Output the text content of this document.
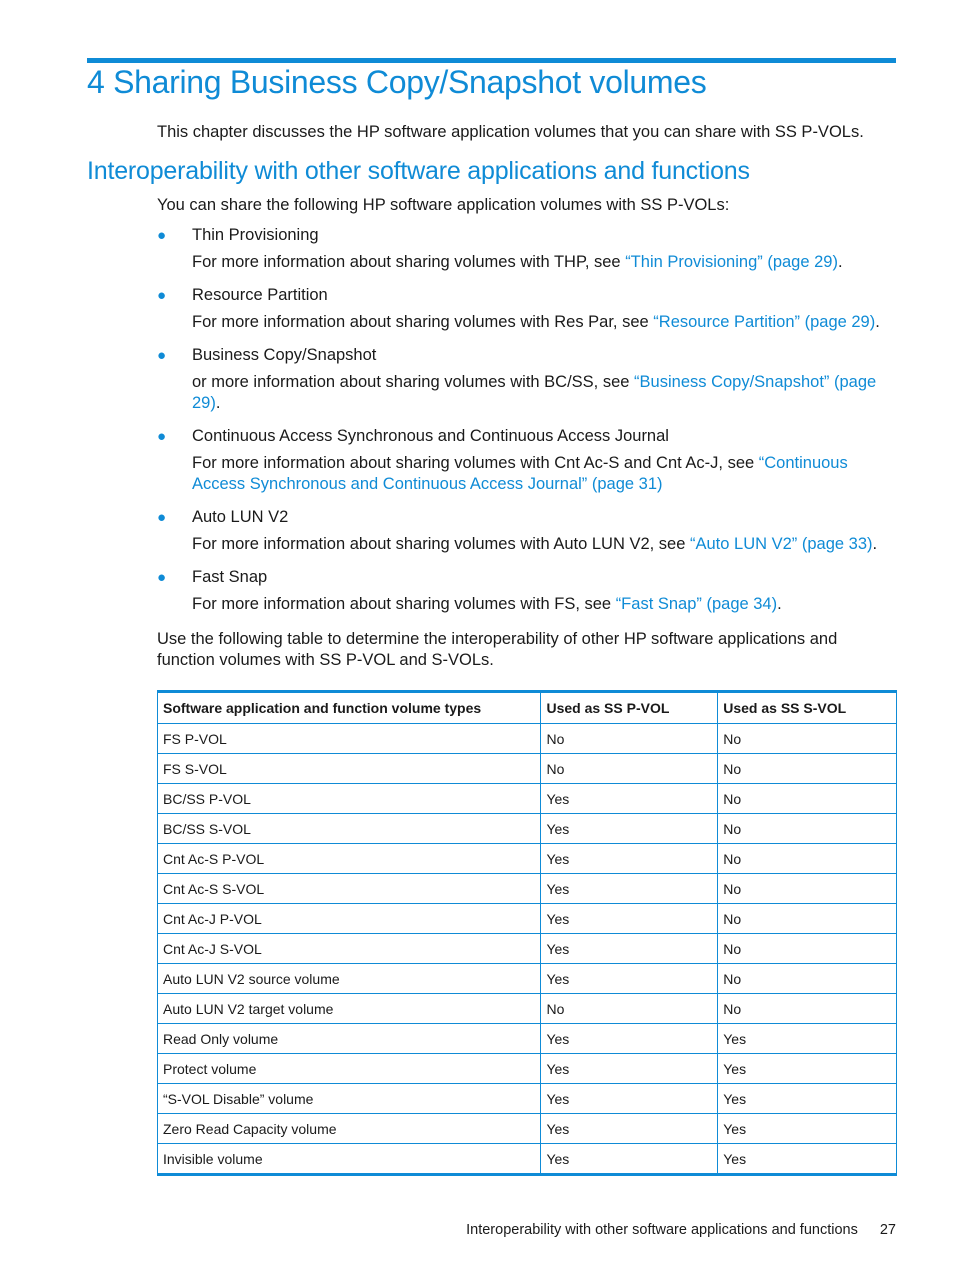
4 Sharing Business Copy/Snapshot volumes

This chapter discusses the HP software application volumes that you can share with SS P-VOLs.

Interoperability with other software applications and functions

You can share the following HP software application volumes with SS P-VOLs:

● Thin Provisioning
For more information about sharing volumes with THP, see “Thin Provisioning” (page 29).
● Resource Partition
For more information about sharing volumes with Res Par, see “Resource Partition” (page 29).
● Business Copy/Snapshot
or more information about sharing volumes with BC/SS, see “Business Copy/Snapshot” (page 29).
● Continuous Access Synchronous and Continuous Access Journal
For more information about sharing volumes with Cnt Ac-S and Cnt Ac-J, see “Continuous Access Synchronous and Continuous Access Journal” (page 31)
● Auto LUN V2
For more information about sharing volumes with Auto LUN V2, see “Auto LUN V2” (page 33).
● Fast Snap
For more information about sharing volumes with FS, see “Fast Snap” (page 34).

Use the following table to determine the interoperability of other HP software applications and function volumes with SS P-VOL and S-VOLs.

Software application and function volume types	Used as SS P-VOL	Used as SS S-VOL
FS P-VOL	No	No
FS S-VOL	No	No
BC/SS P-VOL	Yes	No
BC/SS S-VOL	Yes	No
Cnt Ac-S P-VOL	Yes	No
Cnt Ac-S S-VOL	Yes	No
Cnt Ac-J P-VOL	Yes	No
Cnt Ac-J S-VOL	Yes	No
Auto LUN V2 source volume	Yes	No
Auto LUN V2 target volume	No	No
Read Only volume	Yes	Yes
Protect volume	Yes	Yes
“S-VOL Disable” volume	Yes	Yes
Zero Read Capacity volume	Yes	Yes
Invisible volume	Yes	Yes
Interoperability with other software applications and functions 27
